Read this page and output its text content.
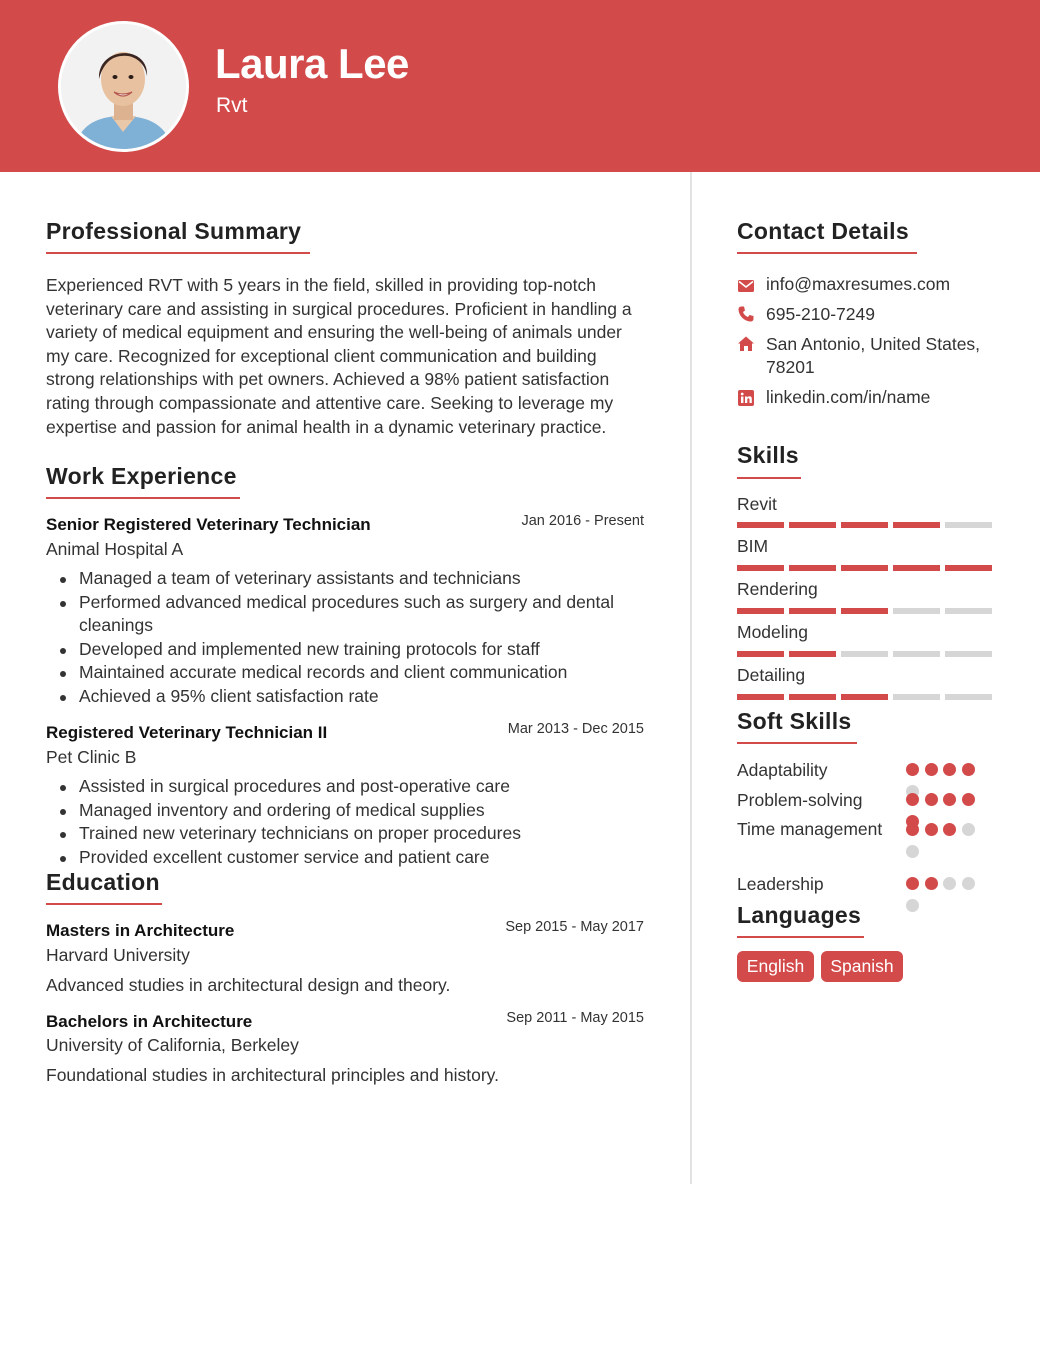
Laura Lee
Rvt
Professional Summary
Experienced RVT with 5 years in the field, skilled in providing top-notch veterinary care and assisting in surgical procedures. Proficient in handling a variety of medical equipment and ensuring the well-being of animals under my care. Recognized for exceptional client communication and building strong relationships with pet owners. Achieved a 98% patient satisfaction rating through compassionate and attentive care. Seeking to leverage my expertise and passion for animal health in a dynamic veterinary practice.
Work Experience
Senior Registered Veterinary Technician	Jan 2016 - Present
Animal Hospital A
Managed a team of veterinary assistants and technicians
Performed advanced medical procedures such as surgery and dental cleanings
Developed and implemented new training protocols for staff
Maintained accurate medical records and client communication
Achieved a 95% client satisfaction rate
Registered Veterinary Technician II	Mar 2013 - Dec 2015
Pet Clinic B
Assisted in surgical procedures and post-operative care
Managed inventory and ordering of medical supplies
Trained new veterinary technicians on proper procedures
Provided excellent customer service and patient care
Education
Masters in Architecture	Sep 2015 - May 2017
Harvard University
Advanced studies in architectural design and theory.
Bachelors in Architecture	Sep 2011 - May 2015
University of California, Berkeley
Foundational studies in architectural principles and history.
Contact Details
info@maxresumes.com
695-210-7249
San Antonio, United States, 78201
linkedin.com/in/name
Skills
Revit
BIM
Rendering
Modeling
Detailing
Soft Skills
Adaptability
Problem-solving
Time management
Leadership
Languages
English	Spanish
